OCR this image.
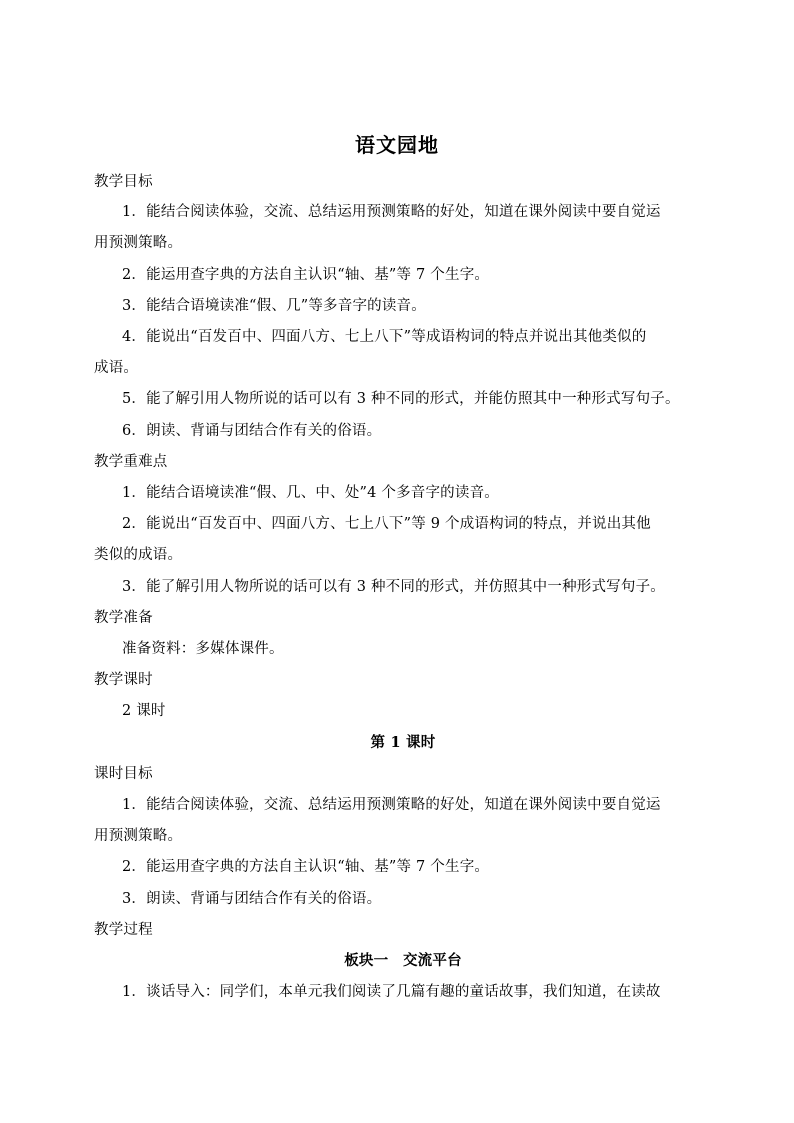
语文园地
教学目标
1．能结合阅读体验，交流、总结运用预测策略的好处，知道在课外阅读中要自觉运
用预测策略。
2．能运用查字典的方法自主认识“轴、基”等 7 个生字。
3．能结合语境读准“假、几”等多音字的读音。
4．能说出“百发百中、四面八方、七上八下”等成语构词的特点并说出其他类似的
成语。
5．能了解引用人物所说的话可以有 3 种不同的形式，并能仿照其中一种形式写句子。
6．朗读、背诵与团结合作有关的俗语。
教学重难点
1．能结合语境读准“假、几、中、处”4 个多音字的读音。
2．能说出“百发百中、四面八方、七上八下”等 9 个成语构词的特点，并说出其他
类似的成语。
3．能了解引用人物所说的话可以有 3 种不同的形式，并仿照其中一种形式写句子。
教学准备
准备资料：多媒体课件。
教学课时
2 课时
第 1 课时
课时目标
1．能结合阅读体验，交流、总结运用预测策略的好处，知道在课外阅读中要自觉运
用预测策略。
2．能运用查字典的方法自主认识“轴、基”等 7 个生字。
3．朗读、背诵与团结合作有关的俗语。
教学过程
板块一　交流平台
1．谈话导入：同学们，本单元我们阅读了几篇有趣的童话故事，我们知道，在读故
